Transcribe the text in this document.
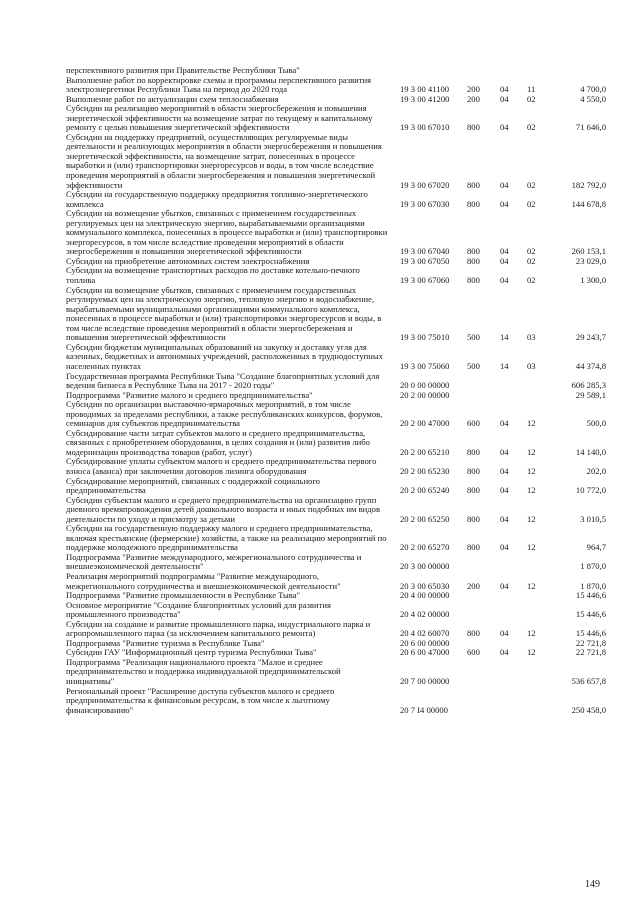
перспективного развития при Правительстве Республики Тыва"
Выполнение работ по корректировке схемы и программы перспективного развития электроэнергетики Республики Тыва на период до 2020 года	19 3 00 41100 200 04 11	4 700,0
Выполнение работ по актуализации схем теплоснабжения	19 3 00 41200 200 04 02	4 550,0
Субсидии на реализацию мероприятий в области энергосбережения и повышения энергетической эффективности на возмещение затрат по текущему и капитальному ремонту с целью повышения энергетической эффективности	19 3 00 67010 800 04 02	71 646,0
Субсидии на поддержку предприятий, осуществляющих регулируемые виды деятельности и реализующих мероприятия в области энергосбережения и повышения энергетической эффективности, на возмещение затрат, понесенных в процессе выработки и (или) транспортировки энергоресурсов и воды, в том числе вследствие проведения мероприятий в области энергосбережения и повышения энергетической эффективности	19 3 00 67020 800 04 02	182 792,0
Субсидии на государственную поддержку предприятия топливно-энергетического комплекса	19 3 00 67030 800 04 02	144 678,8
Субсидии на возмещение убытков, связанных с применением государственных регулируемых цен на электрическую энергию, вырабатываемыми организациями коммунального комплекса, понесенных в процессе выработки и (или) транспортировки энергоресурсов, в том числе вследствие проведения мероприятий в области энергосбережения и повышения энергетической эффективности	19 3 00 67040 800 04 02	260 153,1
Субсидии на приобретение автономных систем электроснабжения	19 3 00 67050 800 04 02	23 029,0
Субсидии на возмещение транспортных расходов по доставке котельно-печного топлива	19 3 00 67060 800 04 02	1 300,0
Субсидии на возмещение убытков, связанных с применением государственных регулируемых цен на электрическую энергию, тепловую энергию и водоснабжение, вырабатываемыми муниципальными организациями коммунального комплекса, понесенных в процессе выработки и (или) транспортировки энергоресурсов и воды, в том числе вследствие проведения мероприятий в области энергосбережения и повышения энергетической эффективности	19 3 00 75010 500 14 03	29 243,7
Субсидии бюджетам муниципальных образований на закупку и доставку угля для казенных, бюджетных и автономных учреждений, расположенных в труднодоступных населенных пунктах	19 3 00 75060 500 14 03	44 374,8
Государственная программа Республики Тыва "Создание благоприятных условий для ведения бизнеса в Республике Тыва на 2017 - 2020 годы"	20 0 00 00000	606 285,3
Подпрограмма "Развитие малого и среднего предпринимательства"	20 2 00 00000	29 589,1
Субсидии по организации выставочно-ярмарочных мероприятий, в том числе проводимых за пределами республики, а также республиканских конкурсов, форумов, семинаров для субъектов предпринимательства	20 2 00 47000 600 04 12	500,0
Субсидирование части затрат субъектов малого и среднего предпринимательства, связанных с приобретением оборудования, в целях создания и (или) развития либо модернизации производства товаров (работ, услуг)	20 2 00 65210 800 04 12	14 140,0
Субсидирование уплаты субъектом малого и среднего предпринимательства первого взноса (аванса) при заключении договоров лизинга оборудования	20 2 00 65230 800 04 12	202,0
Субсидирование мероприятий, связанных с поддержкой социального предпринимательства	20 2 00 65240 800 04 12	10 772,0
Субсидии субъектам малого и среднего предпринимательства на организацию групп дневного времяпровождения детей дошкольного возраста и иных подобных им видов деятельности по уходу и присмотру за детьми	20 2 00 65250 800 04 12	3 010,5
Субсидии на государственную поддержку малого и среднего предпринимательства, включая крестьянские (фермерские) хозяйства, а также на реализацию мероприятий по поддержке молодежного предпринимательства	20 2 00 65270 800 04 12	964,7
Подпрограмма "Развитие международного, межрегионального сотрудничества и внешнеэкономической деятельности"	20 3 00 00000	1 870,0
Реализация мероприятий подпрограммы "Развитие международного, межрегионального сотрудничества и внешнеэкономической деятельности"	20 3 00 65030 200 04 12	1 870,0
Подпрограмма "Развитие промышленности в Республике Тыва"	20 4 00 00000	15 446,6
Основное мероприятие "Создание благоприятных условий для развития промышленного производства"	20 4 02 00000	15 446,6
Субсидии на создание и развитие промышленного парка, индустриального парка и агропромышленного парка (за исключением капитального ремонта)	20 4 02 60070 800 04 12	15 446,6
Подпрограмма "Развитие туризма в Республике Тыва"	20 6 00 00000	22 721,8
Субсидии ГАУ "Информационный центр туризма Республики Тыва"	20 6 00 47000 600 04 12	22 721,8
Подпрограмма "Реализация национального проекта "Малое и среднее предпринимательство и поддержка индивидуальной предпринимательской инициативы"	20 7 00 00000	536 657,8
Региональный проект "Расширение доступа субъектов малого и среднего предпринимательства к финансовым ресурсам, в том числе к льготному финансированию"	20 7 I4 00000	250 458,0
149
